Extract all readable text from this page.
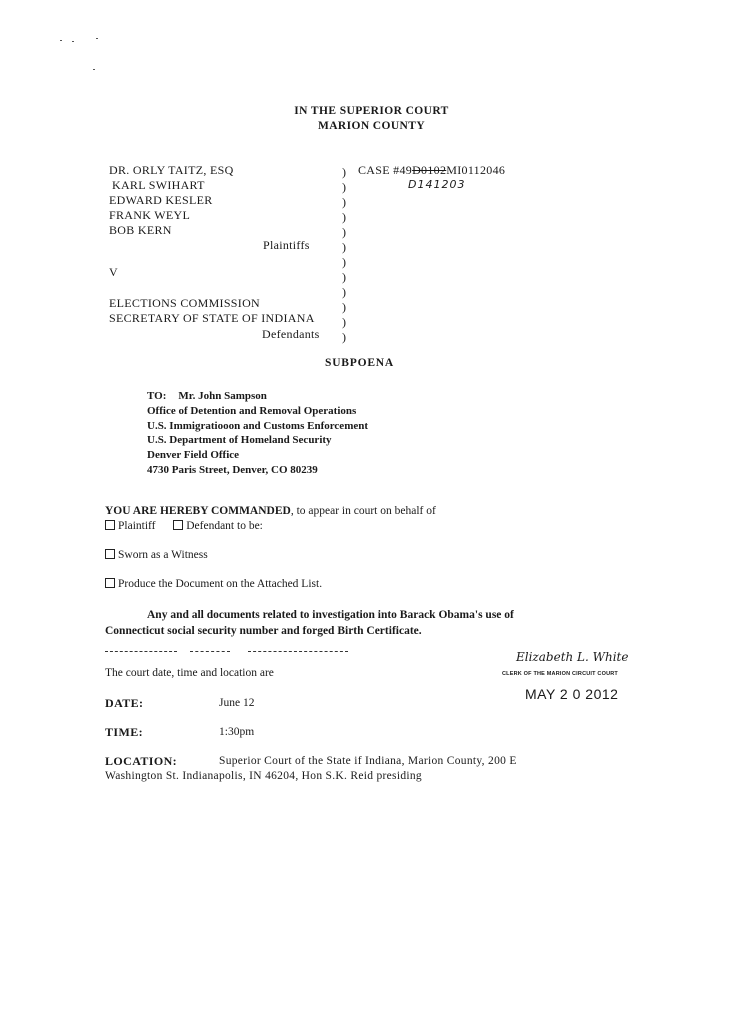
IN THE SUPERIOR COURT
MARION COUNTY
DR. ORLY TAITZ, ESQ
KARL SWIHART
EDWARD KESLER
FRANK WEYL
BOB KERN
Plaintiffs
V
ELECTIONS COMMISSION
SECRETARY OF STATE OF INDIANA
Defendants
)
)
)
)
)
)
)
)
)
)
)
)
CASE #49D0102MI0112046
D141203
SUBPOENA
TO: Mr. John Sampson
Office of Detention and Removal Operations
U.S. Immigratiooon and Customs Enforcement
U.S. Department of Homeland Security
Denver Field Office
4730 Paris Street, Denver, CO 80239
YOU ARE HEREBY COMMANDED, to appear in court on behalf of
Plaintiff	Defendant to be:
Sworn as a Witness
Produce the Document on the Attached List.
Any and all documents related to investigation into Barack Obama's use of
Connecticut social security number and forged Birth Certificate.
The court date, time and location are
Elizabeth L. White
CLERK OF THE MARION CIRCUIT COURT
MAY 2 0 2012
DATE:	June 12
TIME:	1:30pm
LOCATION:	Superior Court of the State if Indiana, Marion County, 200 E
Washington St. Indianapolis, IN 46204, Hon S.K. Reid presiding
